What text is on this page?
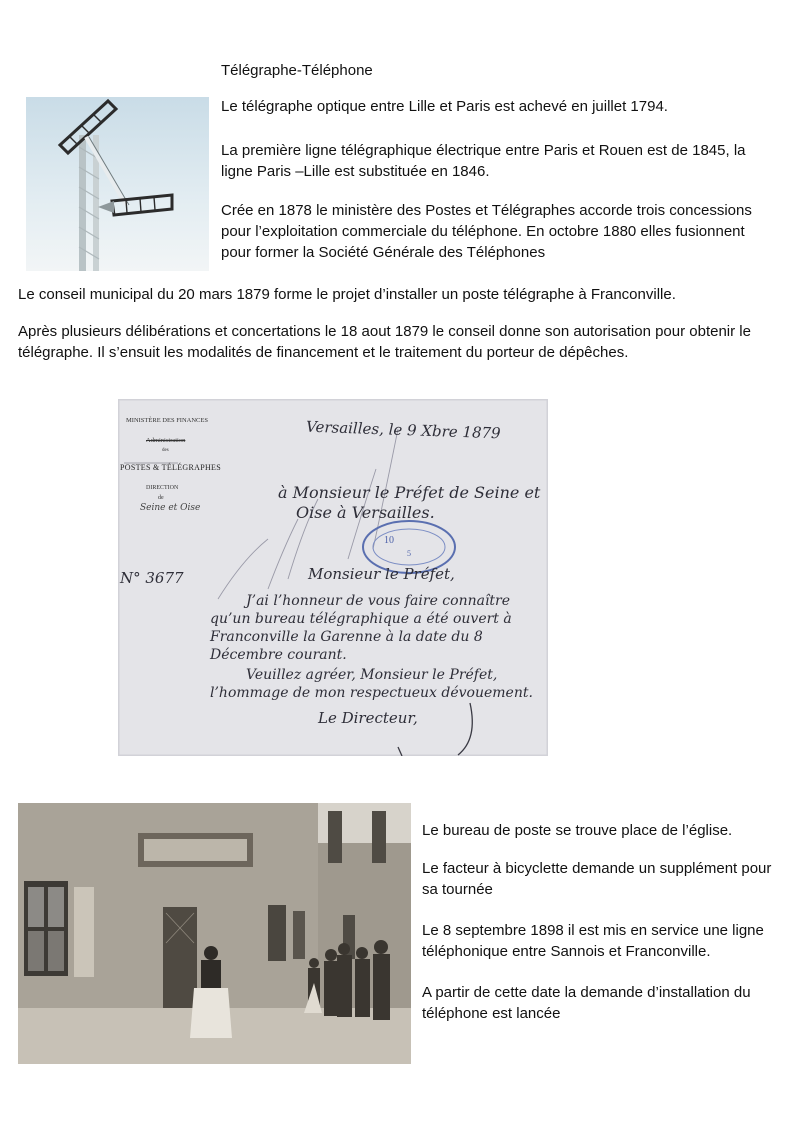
Télégraphe-Téléphone

Le télégraphe optique entre Lille et Paris est achevé en juillet 1794.

La première ligne télégraphique électrique entre Paris et Rouen est de 1845, la ligne Paris –Lille est substituée en 1846.

Crée en 1878 le ministère des Postes et Télégraphes accorde trois concessions pour l’exploitation commerciale du téléphone. En octobre 1880 elles fusionnent pour former la Société Générale des Téléphones

Le conseil municipal du 20 mars 1879 forme le projet d’installer un poste télégraphe à Franconville.

Après plusieurs délibérations et concertations le 18 aout 1879 le conseil donne son autorisation pour obtenir le télégraphe. Il s’ensuit les modalités de financement et le traitement du porteur de dépêches.

MINISTÈRE DES FINANCES
Administration
des
POSTES & TÉLÉGRAPHES
DIRECTION
de
Seine et Oise
Versailles, le 9 Xbre 1879
N° 3677
à Monsieur le Préfet de Seine et
Oise à Versailles.
10
5
Monsieur le Préfet,
J’ai l’honneur de vous faire connaître
qu’un bureau télégraphique a été ouvert à
Franconville la Garenne à la date du 8
Décembre courant.
Veuillez agréer, Monsieur le Préfet,
l’hommage de mon respectueux dévouement.
Le Directeur,

Le bureau de poste se trouve place de l’église.

Le facteur à bicyclette demande un supplément pour sa tournée

Le 8 septembre 1898 il est mis en service une ligne téléphonique entre Sannois et Franconville.

A partir de cette date la demande d’installation du téléphone est lancée
